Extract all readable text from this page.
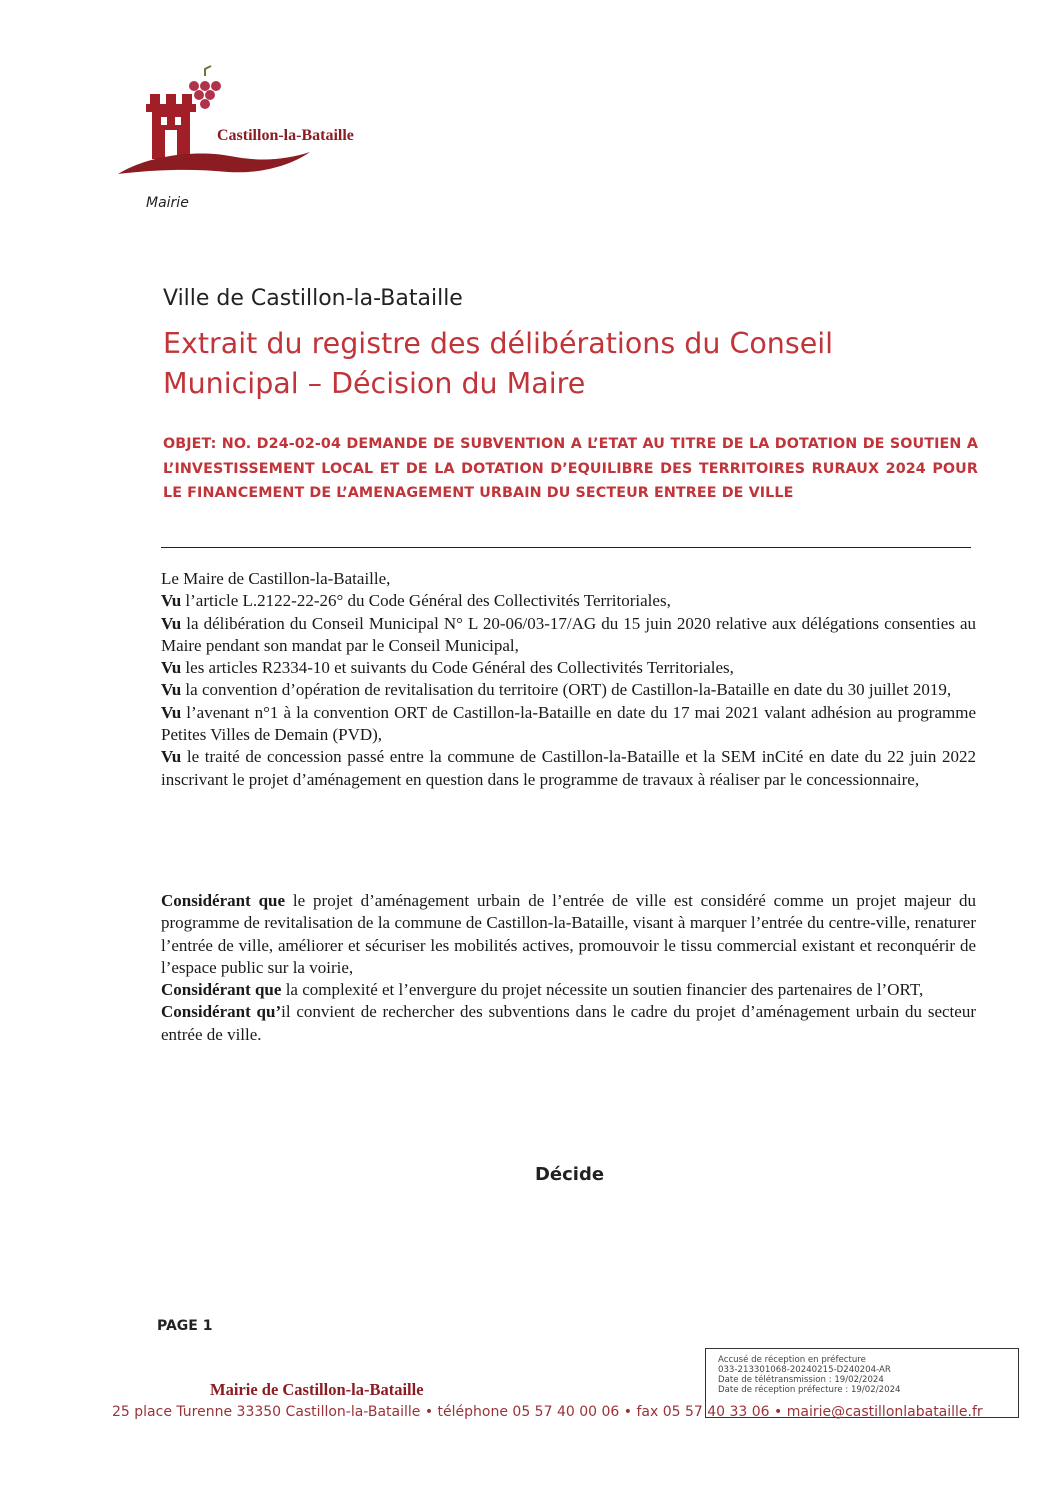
Castillon-la-Bataille
Mairie
Ville de Castillon-la-Bataille
Extrait du registre des délibérations du Conseil
Municipal – Décision du Maire
OBJET: NO. D24-02-04 DEMANDE DE SUBVENTION A L’ETAT AU TITRE DE LA DOTATION DE SOUTIEN A L’INVESTISSEMENT LOCAL ET DE LA DOTATION D’EQUILIBRE DES TERRITOIRES RURAUX 2024 POUR LE FINANCEMENT DE L’AMENAGEMENT URBAIN DU SECTEUR ENTREE DE VILLE

Le Maire de Castillon-la-Bataille,

Vu l’article L.2122-22-26° du Code Général des Collectivités Territoriales,

Vu la délibération du Conseil Municipal N° L 20-06/03-17/AG du 15 juin 2020 relative aux délégations consenties au Maire pendant son mandat par le Conseil Municipal,

Vu les articles R2334-10 et suivants du Code Général des Collectivités Territoriales,

Vu la convention d’opération de revitalisation du territoire (ORT) de Castillon-la-Bataille en date du 30 juillet 2019,

Vu l’avenant n°1 à la convention ORT de Castillon-la-Bataille en date du 17 mai 2021 valant adhésion au programme Petites Villes de Demain (PVD),

Vu le traité de concession passé entre la commune de Castillon-la-Bataille et la SEM inCité en date du 22 juin 2022 inscrivant le projet d’aménagement en question dans le programme de travaux à réaliser par le concessionnaire,

Considérant que le projet d’aménagement urbain de l’entrée de ville est considéré comme un projet majeur du programme de revitalisation de la commune de Castillon-la-Bataille, visant à marquer l’entrée du centre-ville, renaturer l’entrée de ville, améliorer et sécuriser les mobilités actives, promouvoir le tissu commercial existant et reconquérir de l’espace public sur la voirie,

Considérant que la complexité et l’envergure du projet nécessite un soutien financier des partenaires de l’ORT,

Considérant qu’il convient de rechercher des subventions dans le cadre du projet d’aménagement urbain du secteur entrée de ville.

Décide
PAGE 1
Accusé de réception en préfecture
033-213301068-20240215-D240204-AR
Date de télétransmission : 19/02/2024
Date de réception préfecture : 19/02/2024
Mairie de Castillon-la-Bataille
25 place Turenne 33350 Castillon-la-Bataille • téléphone 05 57 40 00 06 • fax 05 57 40 33 06 • mairie@castillonlabataille.fr
